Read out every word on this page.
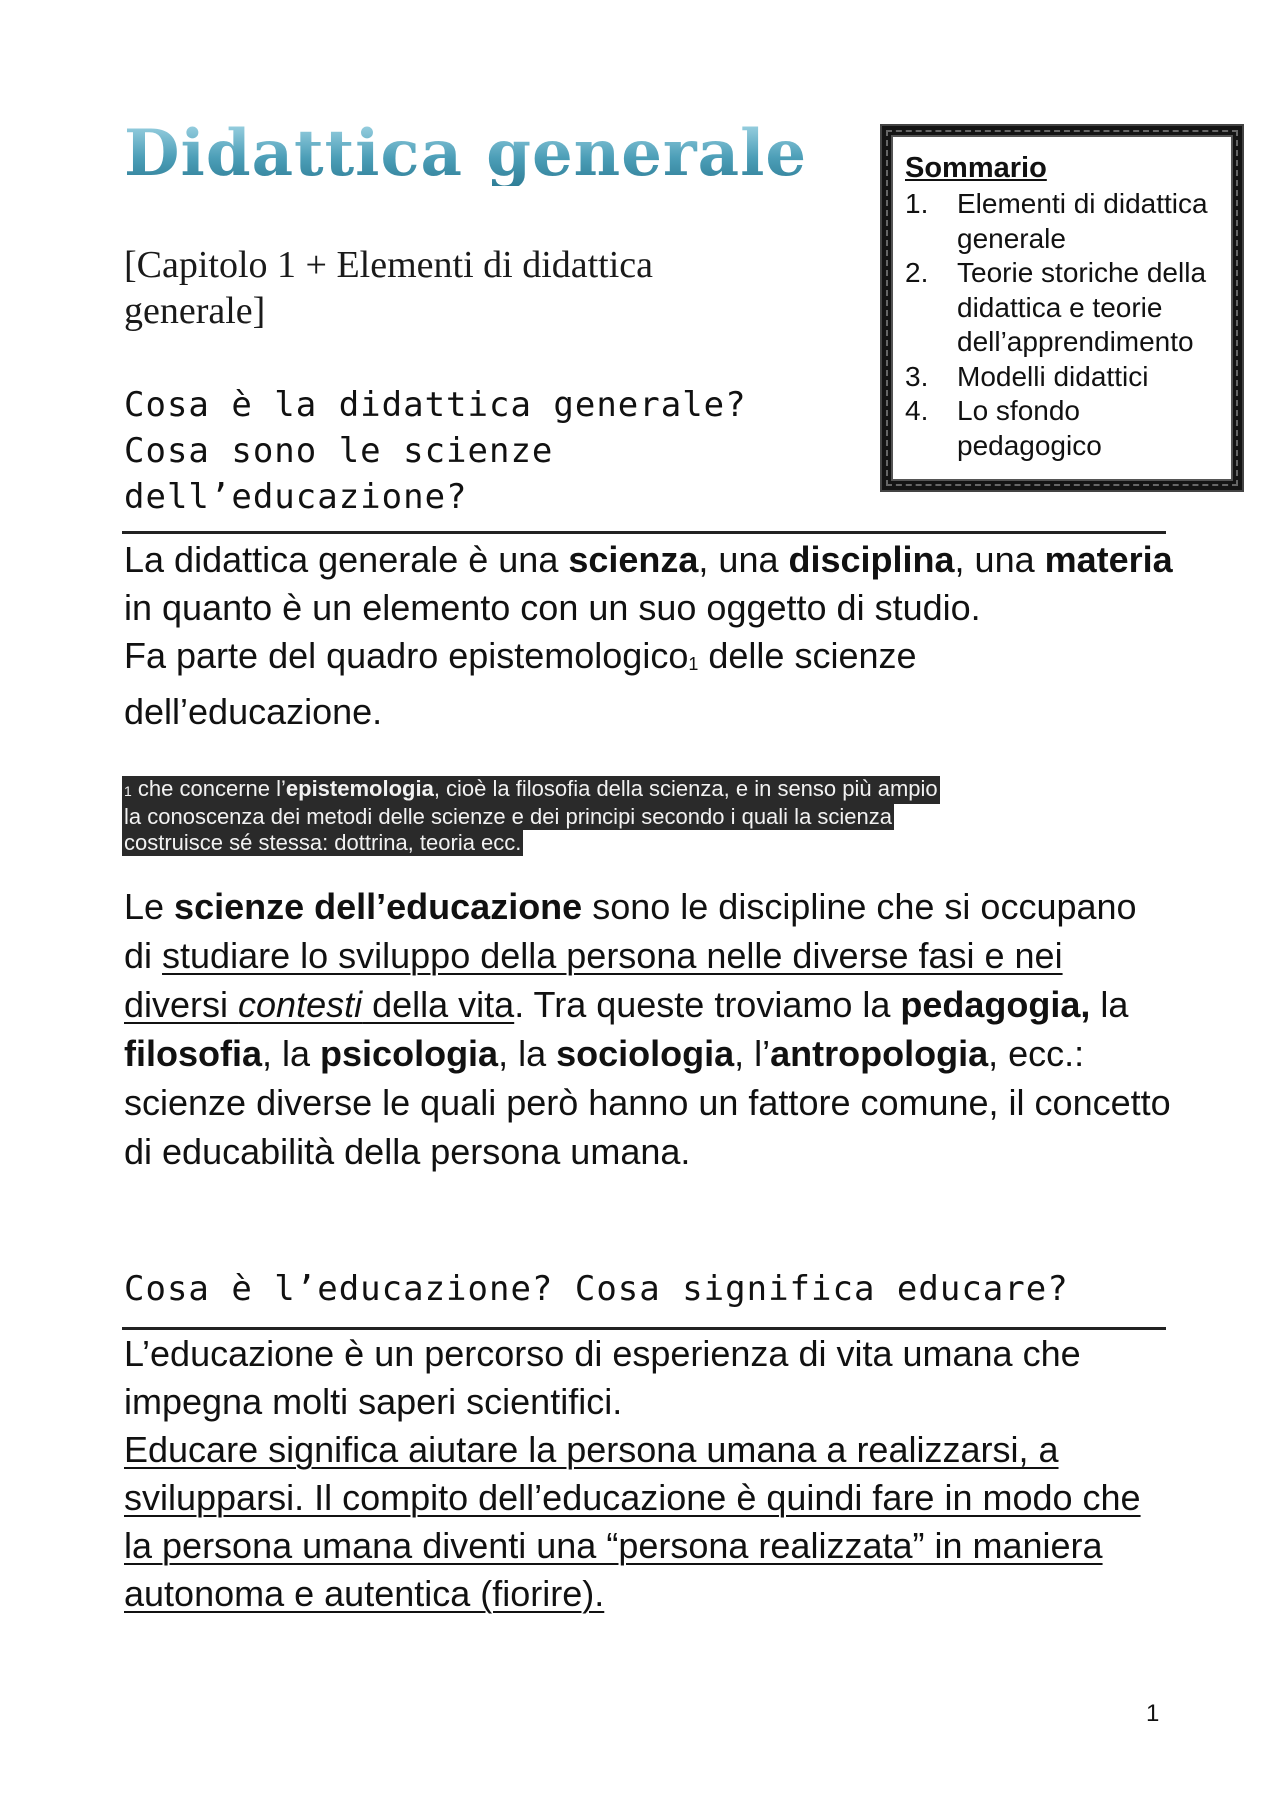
Didattica generale

[Capitolo 1 + Elementi di didattica generale]

Cosa è la didattica generale? Cosa sono le scienze dell’educazione?
Sommario
1. Elementi di didattica generale
2. Teorie storiche della didattica e teorie dell’apprendimento
3. Modelli didattici
4. Lo sfondo pedagogico
La didattica generale è una scienza, una disciplina, una materia in quanto è un elemento con un suo oggetto di studio.
Fa parte del quadro epistemologico1 delle scienze dell’educazione.
1 che concerne l’epistemologia, cioè la filosofia della scienza, e in senso più ampio
la conoscenza dei metodi delle scienze e dei principi secondo i quali la scienza
costruisce sé stessa: dottrina, teoria ecc.
Le scienze dell’educazione sono le discipline che si occupano di studiare lo sviluppo della persona nelle diverse fasi e nei diversi contesti della vita. Tra queste troviamo la pedagogia, la filosofia, la psicologia, la sociologia, l’antropologia, ecc.: scienze diverse le quali però hanno un fattore comune, il concetto di educabilità della persona umana.
Cosa è l’educazione? Cosa significa educare?
L’educazione è un percorso di esperienza di vita umana che impegna molti saperi scientifici.
Educare significa aiutare la persona umana a realizzarsi, a svilupparsi. Il compito dell’educazione è quindi fare in modo che la persona umana diventi una “persona realizzata” in maniera autonoma e autentica (fiorire).
1
